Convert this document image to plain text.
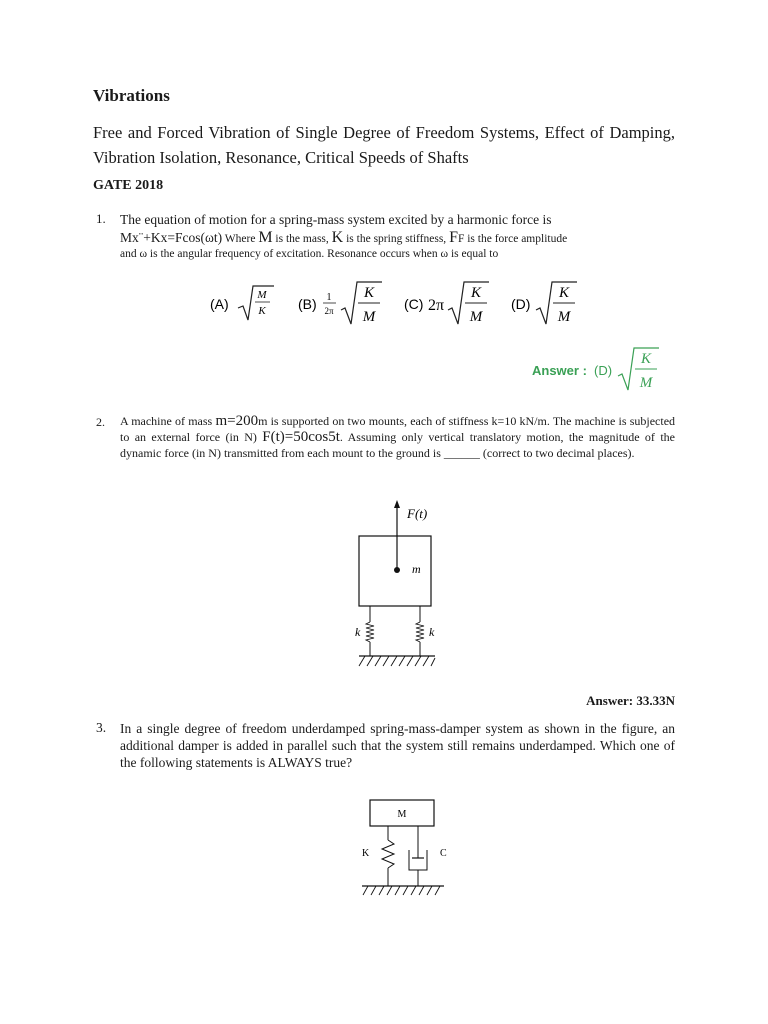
Vibrations
Free and Forced Vibration of Single Degree of Freedom Systems, Effect of Damping, Vibration Isolation, Resonance, Critical Speeds of Shafts
GATE 2018
1. The equation of motion for a spring-mass system excited by a harmonic force is
Mx¨+Kx=Fcos(ωt) Where M is the mass, K is the spring stiffness, FF is the force amplitude
and ω is the angular frequency of excitation. Resonance occurs when ω is equal to
(A)
M
K (B) 1
2π
K
M
(C) 2π
K
M
(D)
K
M
Answer : (D)
K
M
2. A machine of mass m=200m is supported on two mounts, each of stiffness k=10 kN/m. The machine is subjected to an external force (in N) F(t)=50cos5t. Assuming only vertical translatory motion, the magnitude of the dynamic force (in N) transmitted from each mount to the ground is ______ (correct to two decimal places).
F(t)
m
k	k
Answer: 33.33N
3. In a single degree of freedom underdamped spring-mass-damper system as shown in the figure, an additional damper is added in parallel such that the system still remains underdamped. Which one of the following statements is ALWAYS true?
M
K	C
